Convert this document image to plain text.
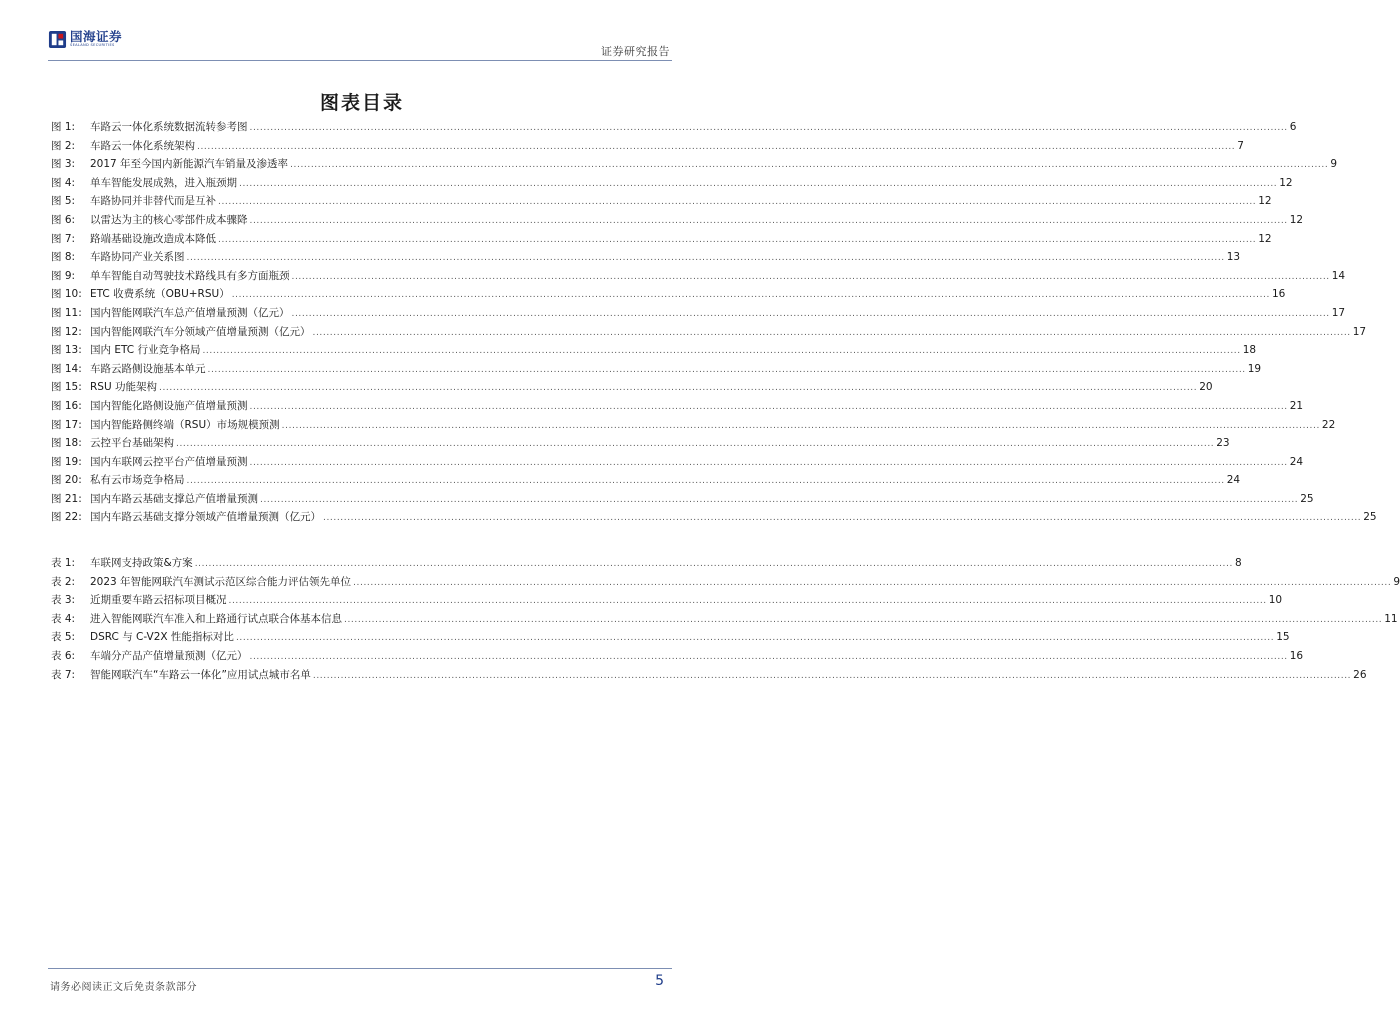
国海证券
SEALAND SECURITIES	证券研究报告
图表目录
图 1:	车路云一体化系统数据流转参考图 ............................................................................................................................................................................................................................................................................................................ 6
图 2:	车路云一体化系统架构 ............................................................................................................................................................................................................................................................................................................ 7
图 3:	2017 年至今国内新能源汽车销量及渗透率 ............................................................................................................................................................................................................................................................................................................ 9
图 4:	单车智能发展成熟，进入瓶颈期 ............................................................................................................................................................................................................................................................................................................ 12
图 5:	车路协同并非替代而是互补 ............................................................................................................................................................................................................................................................................................................ 12
图 6:	以雷达为主的核心零部件成本骤降 ............................................................................................................................................................................................................................................................................................................ 12
图 7:	路端基础设施改造成本降低 ............................................................................................................................................................................................................................................................................................................ 12
图 8:	车路协同产业关系图 ............................................................................................................................................................................................................................................................................................................ 13
图 9:	单车智能自动驾驶技术路线具有多方面瓶颈 ............................................................................................................................................................................................................................................................................................................ 14
图 10: ETC 收费系统（OBU+RSU） ............................................................................................................................................................................................................................................................................................................ 16
图 11: 国内智能网联汽车总产值增量预测（亿元） ............................................................................................................................................................................................................................................................................................................ 17
图 12: 国内智能网联汽车分领域产值增量预测（亿元） ............................................................................................................................................................................................................................................................................................................ 17
图 13: 国内 ETC 行业竞争格局 ............................................................................................................................................................................................................................................................................................................ 18
图 14: 车路云路侧设施基本单元 ............................................................................................................................................................................................................................................................................................................ 19
图 15: RSU 功能架构 ............................................................................................................................................................................................................................................................................................................ 20
图 16: 国内智能化路侧设施产值增量预测 ............................................................................................................................................................................................................................................................................................................ 21
图 17: 国内智能路侧终端（RSU）市场规模预测 ............................................................................................................................................................................................................................................................................................................ 22
图 18: 云控平台基础架构 ............................................................................................................................................................................................................................................................................................................ 23
图 19: 国内车联网云控平台产值增量预测 ............................................................................................................................................................................................................................................................................................................ 24
图 20: 私有云市场竞争格局 ............................................................................................................................................................................................................................................................................................................ 24
图 21: 国内车路云基础支撑总产值增量预测 ............................................................................................................................................................................................................................................................................................................ 25
图 22: 国内车路云基础支撑分领域产值增量预测（亿元） ............................................................................................................................................................................................................................................................................................................ 25
表 1:	车联网支持政策&方案 ............................................................................................................................................................................................................................................................................................................ 8
表 2:	2023 年智能网联汽车测试示范区综合能力评估领先单位 ............................................................................................................................................................................................................................................................................................................ 9
表 3:	近期重要车路云招标项目概况 ............................................................................................................................................................................................................................................................................................................ 10
表 4:	进入智能网联汽车准入和上路通行试点联合体基本信息 ............................................................................................................................................................................................................................................................................................................ 11
表 5:	DSRC 与 C-V2X 性能指标对比 ............................................................................................................................................................................................................................................................................................................ 15
表 6:	车端分产品产值增量预测（亿元） ............................................................................................................................................................................................................................................................................................................ 16
表 7:	智能网联汽车“车路云一体化”应用试点城市名单 ............................................................................................................................................................................................................................................................................................................ 26
请务必阅读正文后免责条款部分	5
